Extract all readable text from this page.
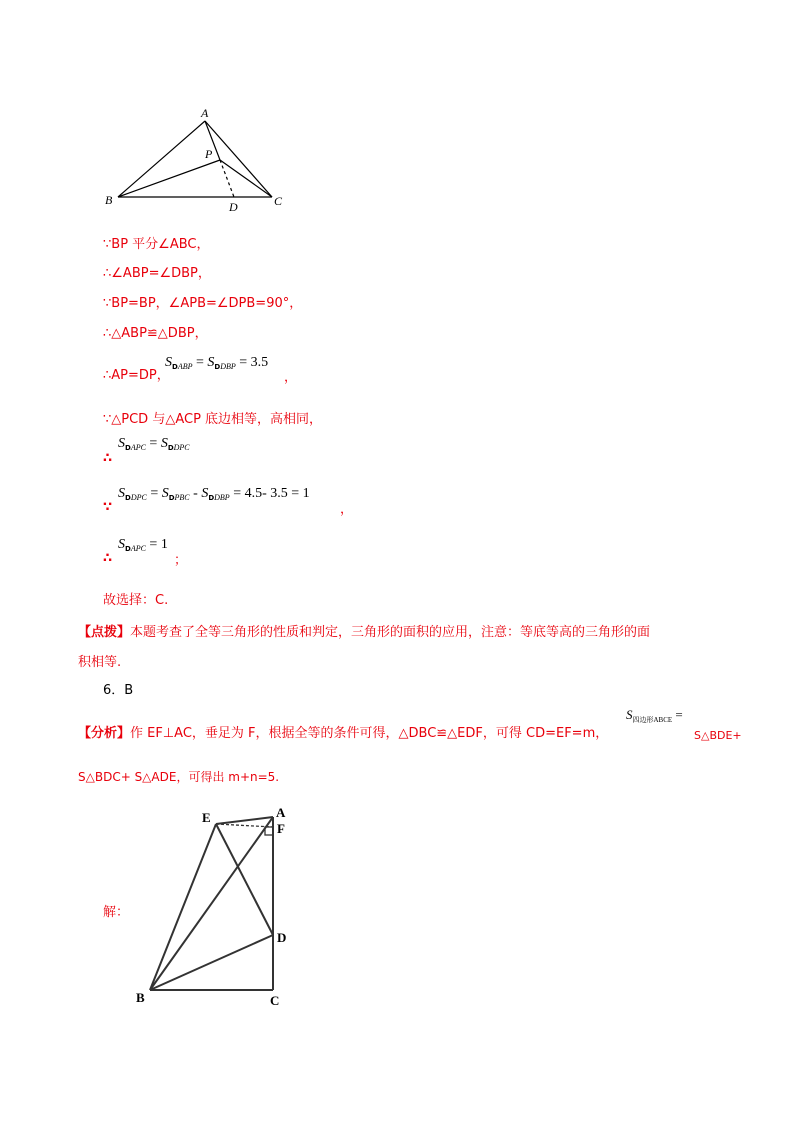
A
P
B	D	C
∵BP 平分∠ABC，
∴∠ABP=∠DBP，
∵BP=BP，∠APB=∠DPB=90°，
∴△ABP≌△DBP，
∴AP=DP，
$S_{DABP} = S_{DDBP} = 3.5$
，
∵△PCD 与△ACP 底边相等，高相同，
∴
$S_{DAPC} = S_{DDPC}$
∵
$S_{DDPC} = S_{DPBC} - S_{DDBP} = 4.5-$ 3.5 = 1
，
∴
$S_{DAPC} = 1$
；
故选择：C.
【点拨】本题考查了全等三角形的性质和判定，三角形的面积的应用，注意：等底等高的三角形的面
积相等.
6．B
【分析】作 EF⊥AC，垂足为 F，根据全等的条件可得，△DBC≌△EDF，可得 CD=EF=m，
$S_{四边形ABCE}$ =
S△BDE+
S△BDC+ S△ADE，可得出 m+n=5.
解：
E	A
F
D
B	C
